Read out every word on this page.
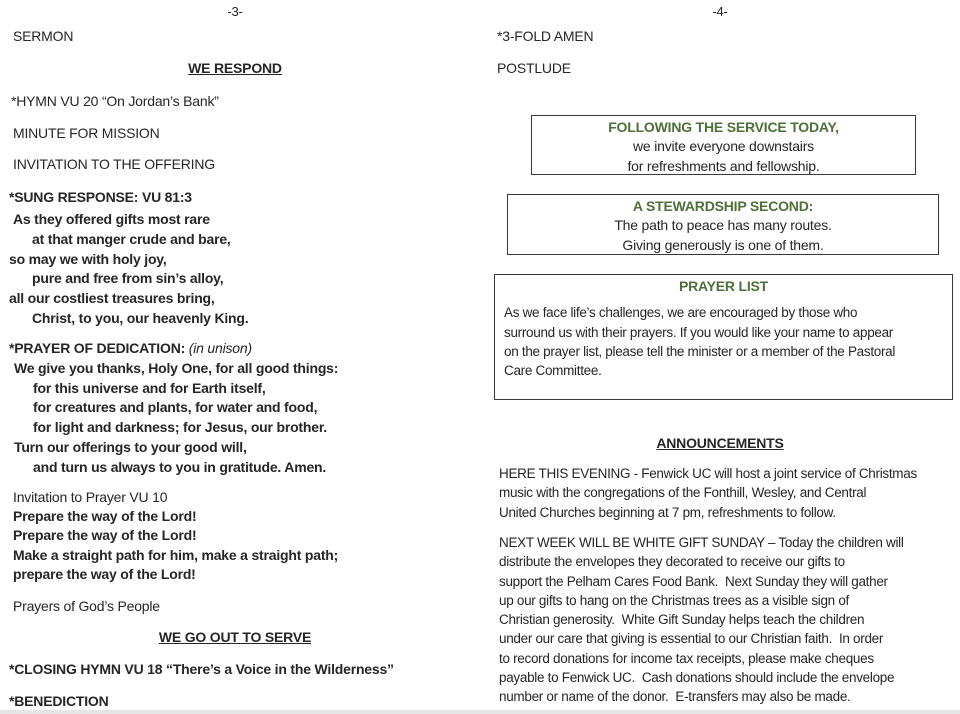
-3-
SERMON
WE RESPOND
*HYMN VU 20 “On Jordan’s Bank”
MINUTE FOR MISSION
INVITATION TO THE OFFERING
*SUNG RESPONSE: VU 81:3
As they offered gifts most rare
at that manger crude and bare,
so may we with holy joy,
pure and free from sin’s alloy,
all our costliest treasures bring,
Christ, to you, our heavenly King.
*PRAYER OF DEDICATION: (in unison)
We give you thanks, Holy One, for all good things:
for this universe and for Earth itself,
for creatures and plants, for water and food,
for light and darkness; for Jesus, our brother.
Turn our offerings to your good will,
and turn us always to you in gratitude. Amen.
Invitation to Prayer VU 10
Prepare the way of the Lord!
Prepare the way of the Lord!
Make a straight path for him, make a straight path;
prepare the way of the Lord!
Prayers of God’s People
WE GO OUT TO SERVE
*CLOSING HYMN VU 18 “There’s a Voice in the Wilderness”
*BENEDICTION
-4-
*3-FOLD AMEN
POSTLUDE
FOLLOWING THE SERVICE TODAY,
we invite everyone downstairs
for refreshments and fellowship.
A STEWARDSHIP SECOND:
The path to peace has many routes.
Giving generously is one of them.
PRAYER LIST
As we face life’s challenges, we are encouraged by those who
surround us with their prayers. If you would like your name to appear
on the prayer list, please tell the minister or a member of the Pastoral
Care Committee.
ANNOUNCEMENTS
HERE THIS EVENING - Fenwick UC will host a joint service of Christmas
music with the congregations of the Fonthill, Wesley, and Central
United Churches beginning at 7 pm, refreshments to follow.
NEXT WEEK WILL BE WHITE GIFT SUNDAY – Today the children will
distribute the envelopes they decorated to receive our gifts to
support the Pelham Cares Food Bank.  Next Sunday they will gather
up our gifts to hang on the Christmas trees as a visible sign of
Christian generosity.  White Gift Sunday helps teach the children
under our care that giving is essential to our Christian faith.  In order
to record donations for income tax receipts, please make cheques
payable to Fenwick UC.  Cash donations should include the envelope
number or name of the donor.  E-transfers may also be made.
